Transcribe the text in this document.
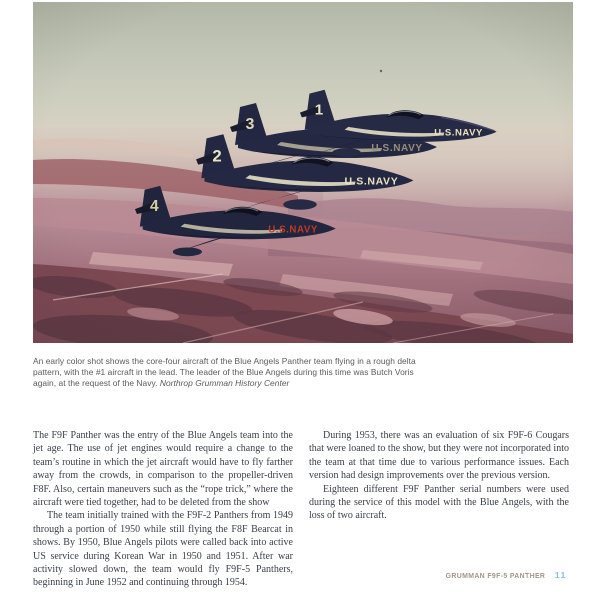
An early color shot shows the core-four aircraft of the Blue Angels Panther team flying in a rough delta
pattern, with the #1 aircraft in the lead. The leader of the Blue Angels during this time was Butch Voris
again, at the request of the Navy. Northrop Grumman History Center

The F9F Panther was the entry of the Blue Angels team into the jet age. The use of jet engines would require a change to the team’s routine in which the jet aircraft would have to fly farther away from the crowds, in comparison to the propeller-driven F8F. Also, certain maneuvers such as the “rope trick,” where the aircraft were tied together, had to be deleted from the show

The team initially trained with the F9F-2 Panthers from 1949 through a portion of 1950 while still flying the F8F Bearcat in shows. By 1950, Blue Angels pilots were called back into active US service during Korean War in 1950 and 1951. After war activity slowed down, the team would fly F9F-5 Panthers, beginning in June 1952 and continuing through 1954.

During 1953, there was an evaluation of six F9F-6 Cougars that were loaned to the show, but they were not incorporated into the team at that time due to various performance issues. Each version had design improvements over the previous version.

Eighteen different F9F Panther serial numbers were used during the service of this model with the Blue Angels, with the loss of two aircraft.

GRUMMAN F9F-5 PANTHER 11
